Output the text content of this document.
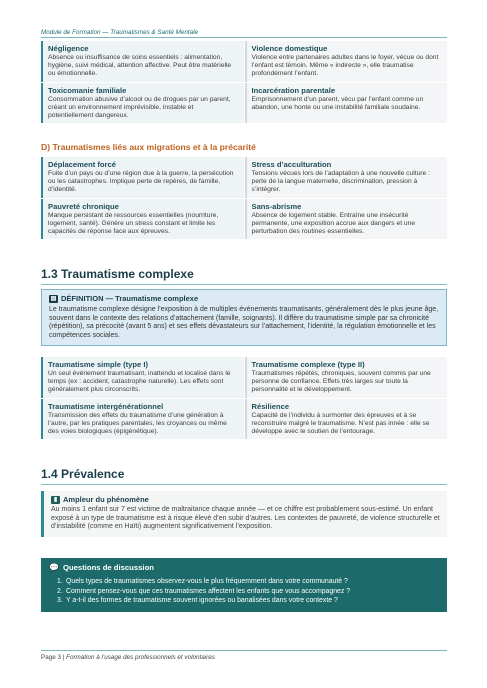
Module de Formation — Traumatismes & Santé Mentale
Négligence
Absence ou insuffisance de soins essentiels : alimentation, hygiène, suivi médical, attention affective. Peut être matérielle ou émotionnelle.
Violence domestique
Violence entre partenaires adultes dans le foyer, vécue ou dont l’enfant est témoin. Même « indirecte », elle traumatise profondément l’enfant.
Toxicomanie familiale
Consommation abusive d’alcool ou de drogues par un parent, créant un environnement imprévisible, instable et potentiellement dangereux.
Incarcération parentale
Emprisonnement d’un parent, vécu par l’enfant comme un abandon, une honte ou une instabilité familiale soudaine.
D) Traumatismes liés aux migrations et à la précarité
Déplacement forcé
Fuite d’un pays ou d’une région due à la guerre, la persécution ou les catastrophes. Implique perte de repères, de famille, d’identité.
Stress d’acculturation
Tensions vécues lors de l’adaptation à une nouvelle culture : perte de la langue maternelle, discrimination, pression à s’intégrer.
Pauvreté chronique
Manque persistant de ressources essentielles (nourriture, logement, santé). Génère un stress constant et limite les capacités de réponse face aux épreuves.
Sans-abrisme
Absence de logement stable. Entraîne une insécurité permanente, une exposition accrue aux dangers et une perturbation des routines essentielles.
1.3 Traumatisme complexe
▤ DÉFINITION — Traumatisme complexe
Le traumatisme complexe désigne l’exposition à de multiples événements traumatisants, généralement dès le plus jeune âge, souvent dans le contexte des relations d’attachement (famille, soignants). Il diffère du traumatisme simple par sa chronicité (répétition), sa précocité (avant 5 ans) et ses effets dévastateurs sur l’attachement, l’identité, la régulation émotionnelle et les compétences sociales.
Traumatisme simple (type I)
Un seul événement traumatisant, inattendu et localisé dans le temps (ex : accident, catastrophe naturelle). Les effets sont généralement plus circonscrits.
Traumatisme complexe (type II)
Traumatismes répétés, chroniques, souvent commis par une personne de confiance. Effets très larges sur toute la personnalité et le développement.
Traumatisme intergénérationnel
Transmission des effets du traumatisme d’une génération à l’autre, par les pratiques parentales, les croyances ou même des voies biologiques (épigénétique).
Résilience
Capacité de l’individu à surmonter des épreuves et à se reconstruire malgré le traumatisme. N’est pas innée : elle se développe avec le soutien de l’entourage.
1.4 Prévalence
▮ Ampleur du phénomène
Au moins 1 enfant sur 7 est victime de maltraitance chaque année — et ce chiffre est probablement sous-estimé. Un enfant exposé à un type de traumatisme est à risque élevé d’en subir d’autres. Les contextes de pauvreté, de violence structurelle et d’instabilité (comme en Haïti) augmentent significativement l’exposition.
💬 Questions de discussion
1. Quels types de traumatismes observez-vous le plus fréquemment dans votre communauté ?
2. Comment pensez-vous que ces traumatismes affectent les enfants que vous accompagnez ?
3. Y a-t-il des formes de traumatisme souvent ignorées ou banalisées dans votre contexte ?
Page 3 | Formation à l’usage des professionnels et volontaires
